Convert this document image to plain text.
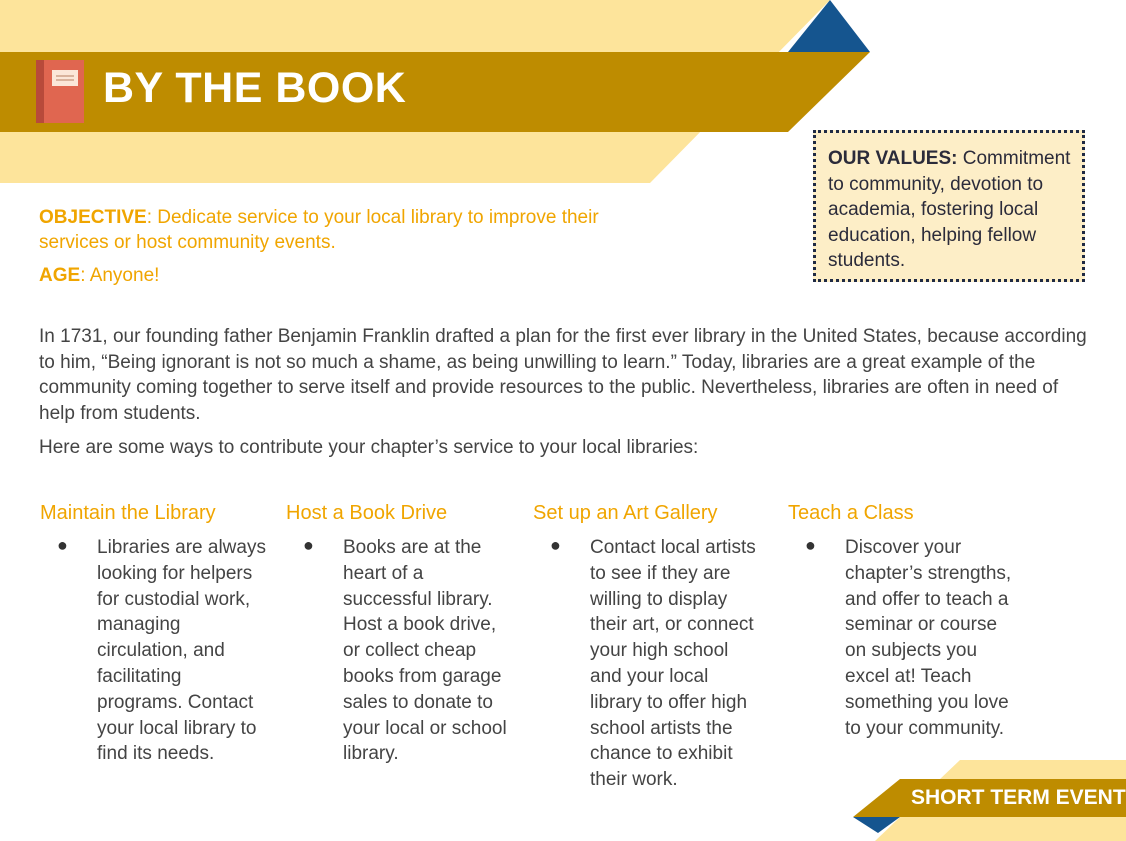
BY THE BOOK
OUR VALUES: Commitment to community, devotion to academia, fostering local education, helping fellow students.
OBJECTIVE: Dedicate service to your local library to improve their services or host community events.
AGE: Anyone!
In 1731, our founding father Benjamin Franklin drafted a plan for the first ever library in the United States, because according to him, “Being ignorant is not so much a shame, as being unwilling to learn.” Today, libraries are a great example of the community coming together to serve itself and provide resources to the public. Nevertheless, libraries are often in need of help from students.
Here are some ways to contribute your chapter’s service to your local libraries:
Maintain the Library
● Libraries are always looking for helpers for custodial work, managing circulation, and facilitating programs. Contact your local library to find its needs.
Host a Book Drive
● Books are at the heart of a successful library. Host a book drive, or collect cheap books from garage sales to donate to your local or school library.
Set up an Art Gallery
● Contact local artists to see if they are willing to display their art, or connect your high school and your local library to offer high school artists the chance to exhibit their work.
Teach a Class
● Discover your chapter’s strengths, and offer to teach a seminar or course on subjects you excel at! Teach something you love to your community.
SHORT TERM EVENT
